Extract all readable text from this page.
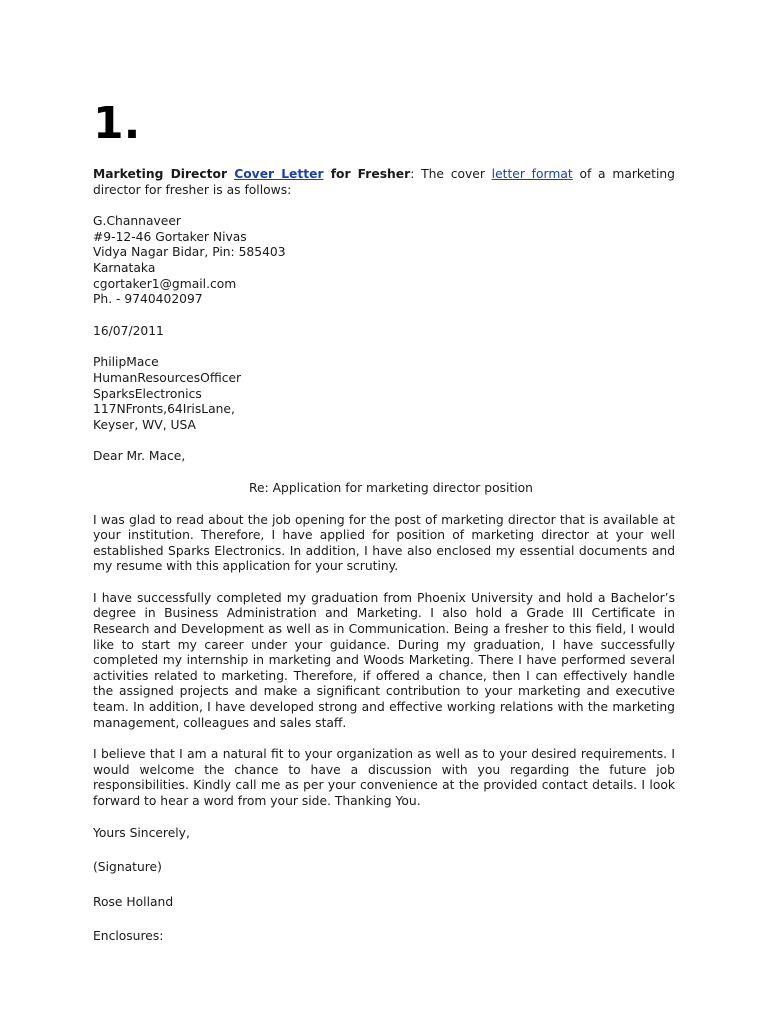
1.

Marketing Director Cover Letter for Fresher: The cover letter format of a marketing director for fresher is as follows:

G.Channaveer
#9-12-46 Gortaker Nivas
Vidya Nagar Bidar, Pin: 585403
Karnataka
cgortaker1@gmail.com
Ph. - 9740402097
16/07/2011
PhilipMace
HumanResourcesOfficer
SparksElectronics
117NFronts,64IrisLane,
Keyser, WV, USA
Dear Mr. Mace,
Re: Application for marketing director position

I was glad to read about the job opening for the post of marketing director that is available at your institution. Therefore, I have applied for position of marketing director at your well established Sparks Electronics. In addition, I have also enclosed my essential documents and my resume with this application for your scrutiny.

I have successfully completed my graduation from Phoenix University and hold a Bachelor’s degree in Business Administration and Marketing. I also hold a Grade III Certificate in Research and Development as well as in Communication. Being a fresher to this field, I would like to start my career under your guidance. During my graduation, I have successfully completed my internship in marketing and Woods Marketing. There I have performed several activities related to marketing. Therefore, if offered a chance, then I can effectively handle the assigned projects and make a significant contribution to your marketing and executive team. In addition, I have developed strong and effective working relations with the marketing management, colleagues and sales staff.

I believe that I am a natural fit to your organization as well as to your desired requirements. I would welcome the chance to have a discussion with you regarding the future job responsibilities. Kindly call me as per your convenience at the provided contact details. I look forward to hear a word from your side. Thanking You.

Yours Sincerely,
(Signature)
Rose Holland
Enclosures:
